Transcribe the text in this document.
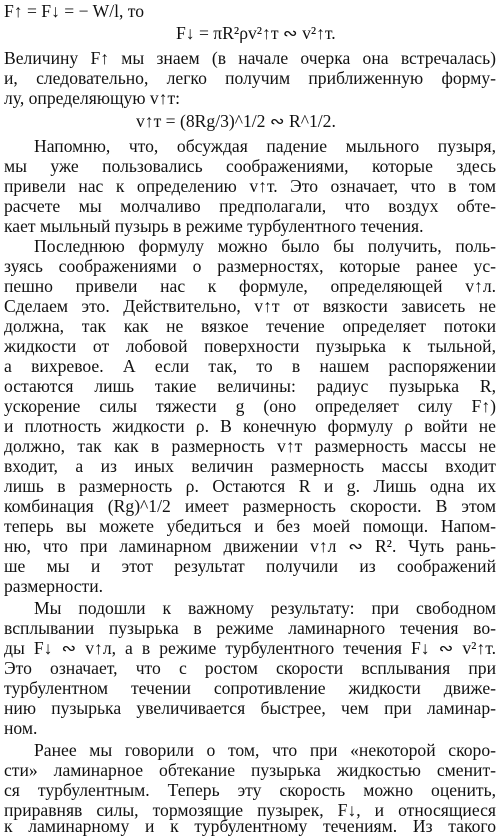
F↑ = F↓ = − W/l, то
F↓ = πR²ρv²↑т ∾ v²↑т.
Величину F↑ мы знаем (в начале очерка она встречалась)
и, следовательно, легко получим приближенную форму-
лу, определяющую v↑т:
v↑т = (8Rg/3)^1/2 ∾ R^1/2.
Напомню, что, обсуждая падение мыльного пузыря,
мы уже пользовались соображениями, которые здесь
привели нас к определению v↑т. Это означает, что в том
расчете мы молчаливо предполагали, что воздух обте-
кает мыльный пузырь в режиме турбулентного течения.
Последнюю формулу можно было бы получить, поль-
зуясь соображениями о размерностях, которые ранее ус-
пешно привели нас к формуле, определяющей v↑л.
Сделаем это. Действительно, v↑т от вязкости зависеть не
должна, так как не вязкое течение определяет потоки
жидкости от лобовой поверхности пузырька к тыльной,
а вихревое. А если так, то в нашем распоряжении
остаются лишь такие величины: радиус пузырька R,
ускорение силы тяжести g (оно определяет силу F↑)
и плотность жидкости ρ. В конечную формулу ρ войти не
должно, так как в размерность v↑т размерность массы не
входит, а из иных величин размерность массы входит
лишь в размерность ρ. Остаются R и g. Лишь одна их
комбинация (Rg)^1/2 имеет размерность скорости. В этом
теперь вы можете убедиться и без моей помощи. Напом-
ню, что при ламинарном движении v↑л ∾ R². Чуть рань-
ше мы и этот результат получили из соображений
размерности.
Мы подошли к важному результату: при свободном
всплывании пузырька в режиме ламинарного течения во-
ды F↓ ∾ v↑л, а в режиме турбулентного течения F↓ ∾ v²↑т.
Это означает, что с ростом скорости всплывания при
турбулентном течении сопротивление жидкости движе-
нию пузырька увеличивается быстрее, чем при ламинар-
ном.
Ранее мы говорили о том, что при «некоторой скоро-
сти» ламинарное обтекание пузырька жидкостью сменит-
ся турбулентным. Теперь эту скорость можно оценить,
приравняв силы, тормозящие пузырек, F↓, и относящиеся
к ламинарному и к турбулентному течениям. Из такого
